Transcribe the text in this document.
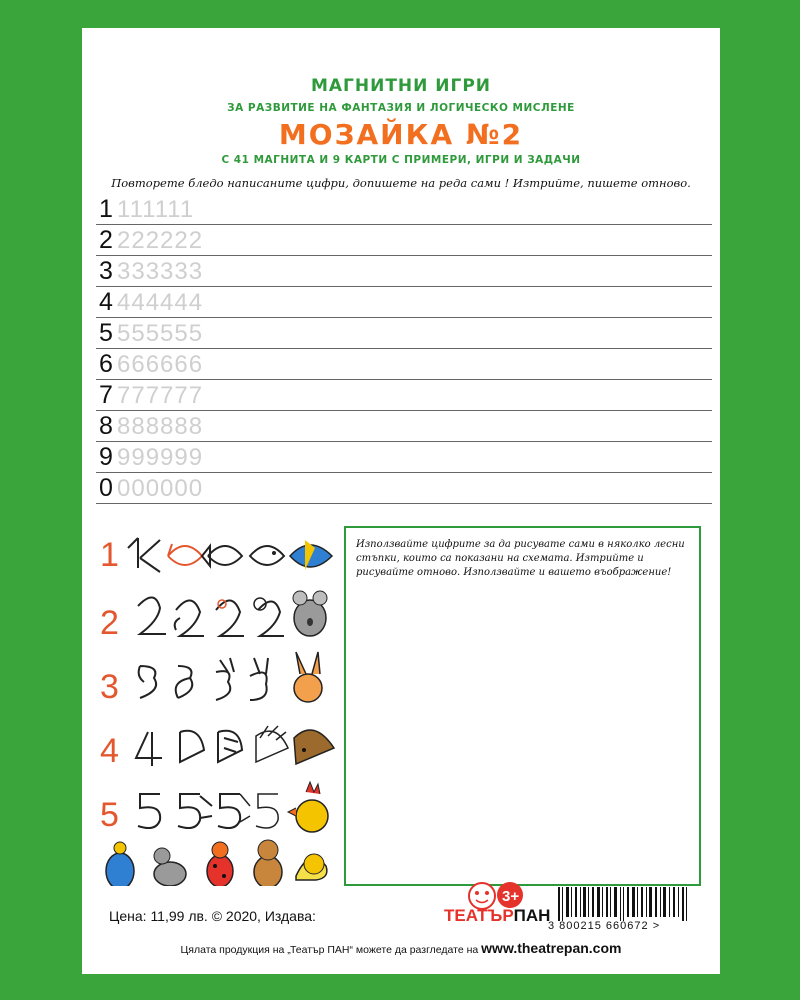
МАГНИТНИ ИГРИ
ЗА РАЗВИТИЕ НА ФАНТАЗИЯ И ЛОГИЧЕСКО МИСЛЕНЕ
МОЗАЙКА №2
С 41 МАГНИТА И 9 КАРТИ С ПРИМЕРИ, ИГРИ И ЗАДАЧИ
Повторете бледо написаните цифри, допишете на реда сами ! Изтрийте, пишете отново.
1 111111
2 222222
3 333333
4 444444
5 555555
6 666666
7 777777
8 888888
9 999999
0 000000
1
2
3
4
5
Използвайте цифрите за да рисувате сами в няколко лесни стъпки, които са показани на схемата. Изтрийте и рисувайте отново. Използвайте и вашето въображение!
3+
Цена: 11,99 лв. © 2020, Издава:	ТЕАТЪРПАН
3 800215 660672 >
Цялата продукция на „Театър ПАН“ можете да разгледате на www.theatrepan.com
